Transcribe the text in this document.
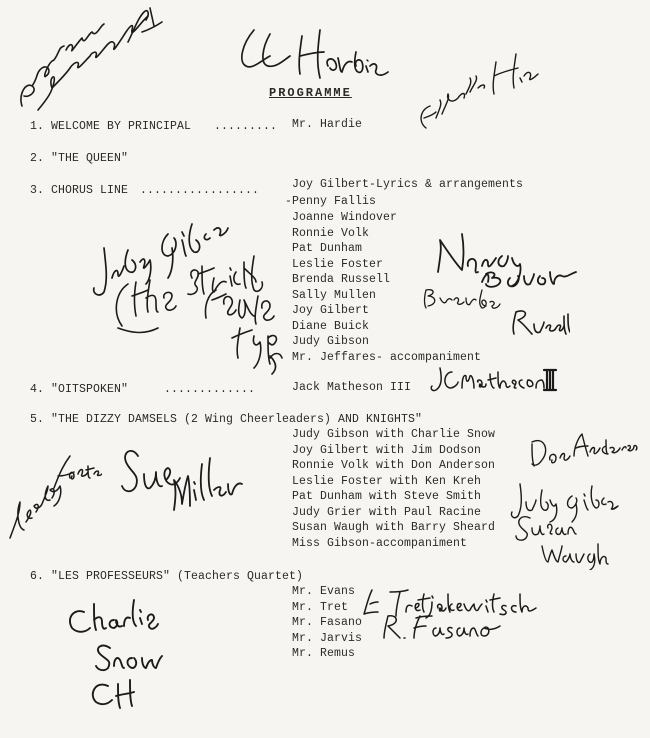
PROGRAMME
1. WELCOME BY PRINCIPAL ......... Mr. Hardie
2. "THE QUEEN"
3. CHORUS LINE .................	Joy Gilbert-Lyrics & arrangements
-Penny Fallis
Joanne Windover
Ronnie Volk
Pat Dunham
Leslie Foster
Brenda Russell
Sally Mullen
Joy Gilbert
Diane Buick
Judy Gibson
Mr. Jeffares- accompaniment
4. "OITSPOKEN"	.............	Jack Matheson III
5. "THE DIZZY DAMSELS (2 Wing Cheerleaders) AND KNIGHTS"
Judy Gibson with Charlie Snow
Joy Gilbert with Jim Dodson
Ronnie Volk with Don Anderson
Leslie Foster with Ken Kreh
Pat Dunham with Steve Smith
Judy Grier with Paul Racine
Susan Waugh with Barry Sheard
Miss Gibson-accompaniment
6. "LES PROFESSEURS" (Teachers Quartet)
Mr. Evans
Mr. Tret
Mr. Fasano
Mr. Jarvis
Mr. Remus
